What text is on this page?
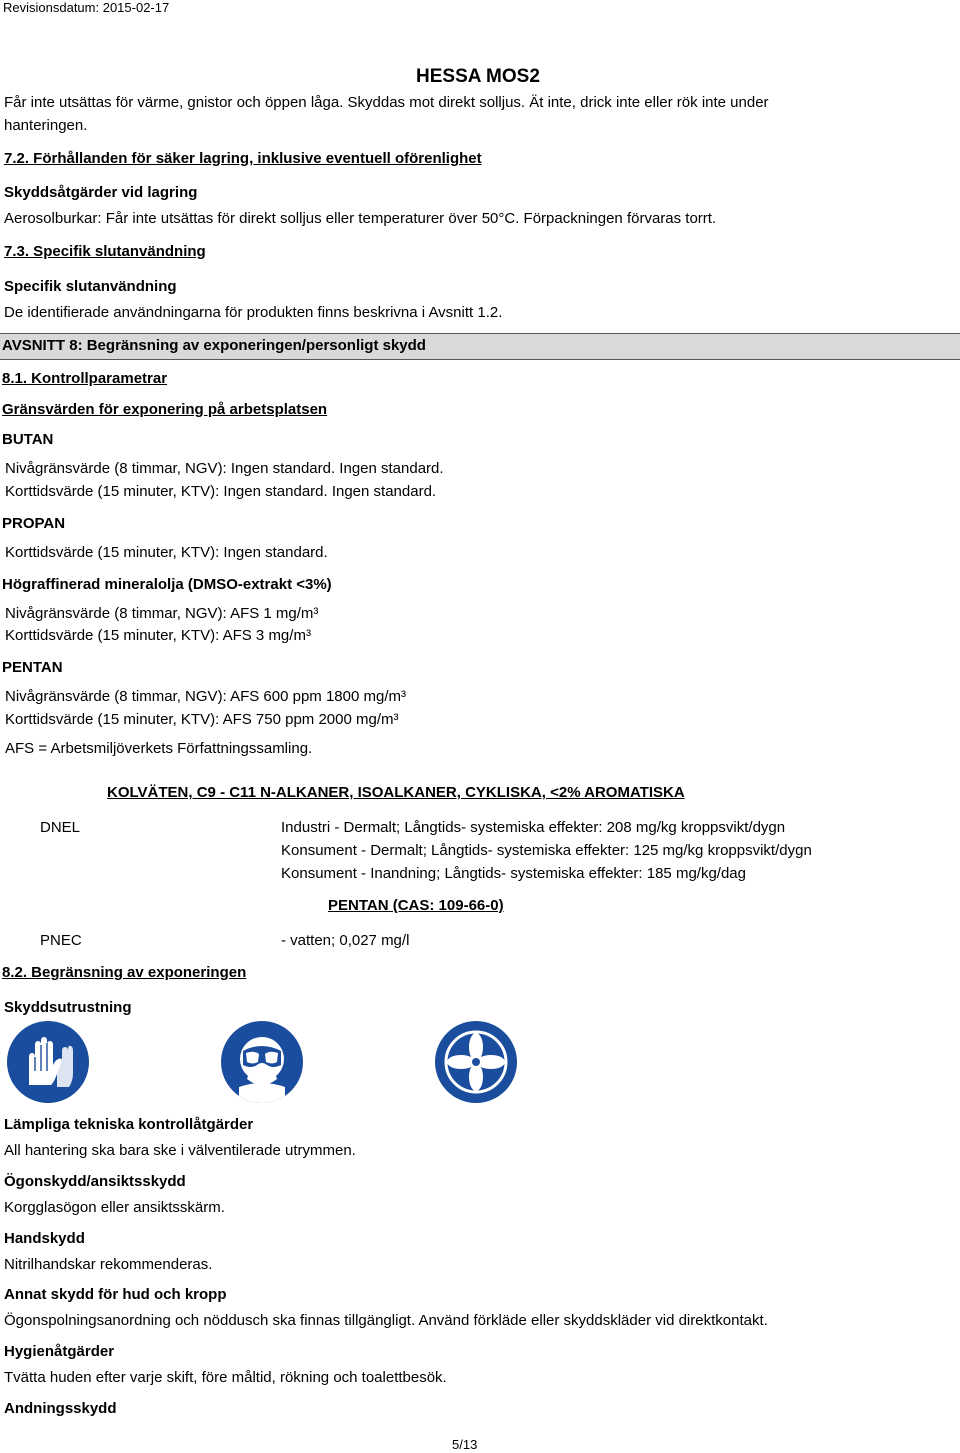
Revisionsdatum: 2015-02-17
HESSA MOS2
Får inte utsättas för värme, gnistor och öppen låga. Skyddas mot direkt solljus. Ät inte, drick inte eller rök inte under
hanteringen.
7.2. Förhållanden för säker lagring, inklusive eventuell oförenlighet
Skyddsåtgärder vid lagring
Aerosolburkar: Får inte utsättas för direkt solljus eller temperaturer över 50°C. Förpackningen förvaras torrt.
7.3. Specifik slutanvändning
Specifik slutanvändning
De identifierade användningarna för produkten finns beskrivna i Avsnitt 1.2.
AVSNITT 8: Begränsning av exponeringen/personligt skydd
8.1. Kontrollparametrar
Gränsvärden för exponering på arbetsplatsen
BUTAN
Nivågränsvärde (8 timmar, NGV): Ingen standard. Ingen standard.
Korttidsvärde (15 minuter, KTV): Ingen standard. Ingen standard.
PROPAN
Korttidsvärde (15 minuter, KTV): Ingen standard.
Högraffinerad mineralolja (DMSO-extrakt <3%)
Nivågränsvärde (8 timmar, NGV): AFS 1 mg/m³
Korttidsvärde (15 minuter, KTV): AFS 3 mg/m³
PENTAN
Nivågränsvärde (8 timmar, NGV): AFS 600 ppm 1800 mg/m³
Korttidsvärde (15 minuter, KTV): AFS 750 ppm 2000 mg/m³
AFS = Arbetsmiljöverkets Författningssamling.
KOLVÄTEN, C9 - C11 N-ALKANER, ISOALKANER, CYKLISKA, <2% AROMATISKA
DNEL	Industri - Dermalt; Långtids- systemiska effekter: 208 mg/kg kroppsvikt/dygn
Konsument - Dermalt; Långtids- systemiska effekter: 125 mg/kg kroppsvikt/dygn
Konsument - Inandning; Långtids- systemiska effekter: 185 mg/kg/dag
PENTAN (CAS: 109-66-0)
PNEC	- vatten; 0,027 mg/l
8.2. Begränsning av exponeringen
Skyddsutrustning
Lämpliga tekniska kontrollåtgärder
All hantering ska bara ske i välventilerade utrymmen.
Ögonskydd/ansiktsskydd
Korgglasögon eller ansiktsskärm.
Handskydd
Nitrilhandskar rekommenderas.
Annat skydd för hud och kropp
Ögonspolningsanordning och nöddusch ska finnas tillgängligt. Använd förkläde eller skyddskläder vid direktkontakt.
Hygienåtgärder
Tvätta huden efter varje skift, före måltid, rökning och toalettbesök.
Andningsskydd
5/13
